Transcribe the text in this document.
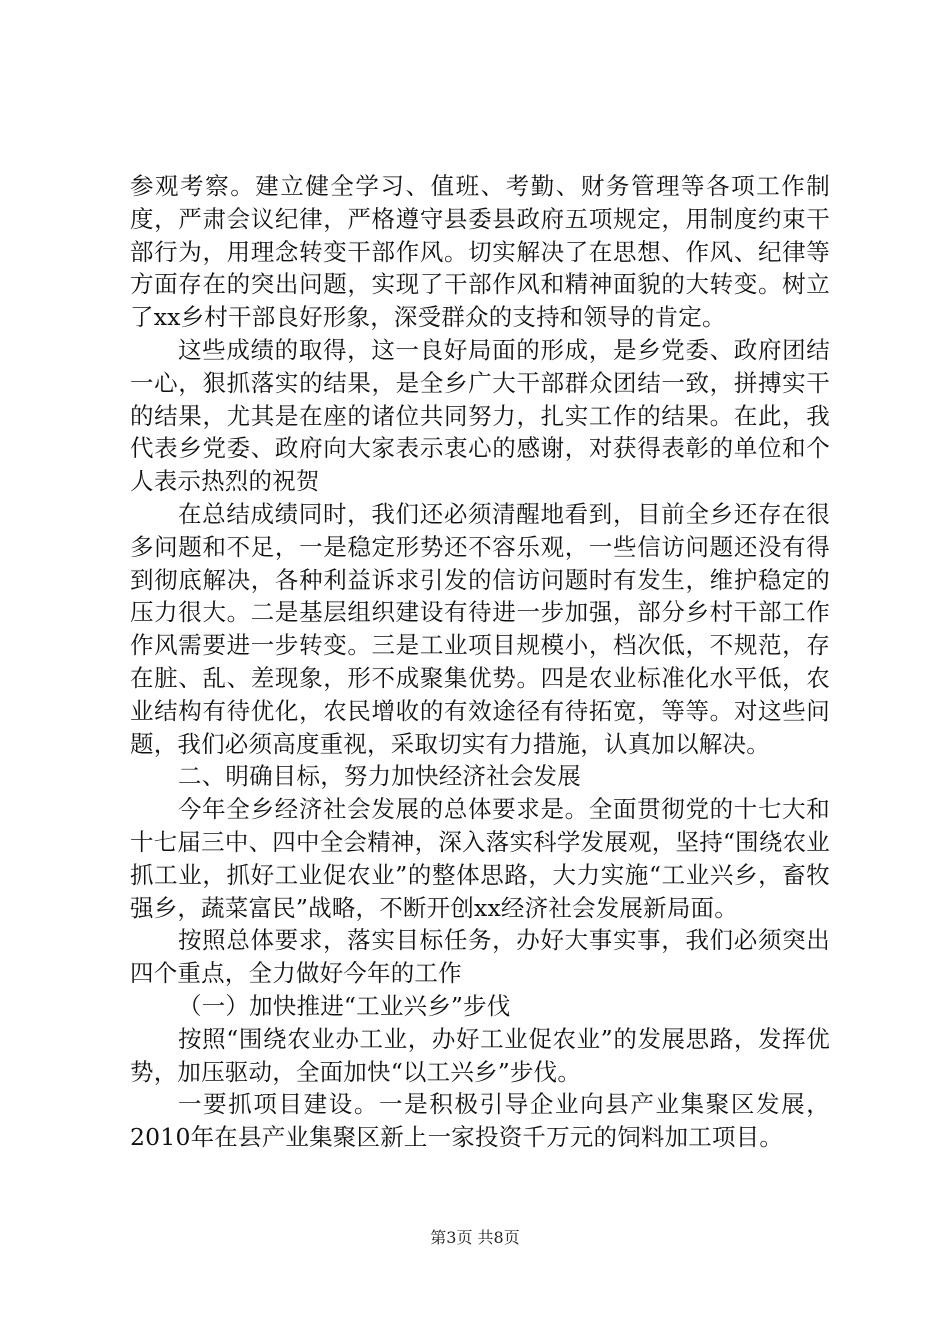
参观考察。建立健全学习、值班、考勤、财务管理等各项工作制度，严肃会议纪律，严格遵守县委县政府五项规定，用制度约束干部行为，用理念转变干部作风。切实解决了在思想、作风、纪律等方面存在的突出问题，实现了干部作风和精神面貌的大转变。树立了xx乡村干部良好形象，深受群众的支持和领导的肯定。

这些成绩的取得，这一良好局面的形成，是乡党委、政府团结一心，狠抓落实的结果，是全乡广大干部群众团结一致，拼搏实干的结果，尤其是在座的诸位共同努力，扎实工作的结果。在此，我代表乡党委、政府向大家表示衷心的感谢，对获得表彰的单位和个人表示热烈的祝贺

在总结成绩同时，我们还必须清醒地看到，目前全乡还存在很多问题和不足，一是稳定形势还不容乐观，一些信访问题还没有得到彻底解决，各种利益诉求引发的信访问题时有发生，维护稳定的压力很大。二是基层组织建设有待进一步加强，部分乡村干部工作作风需要进一步转变。三是工业项目规模小，档次低，不规范，存在脏、乱、差现象，形不成聚集优势。四是农业标准化水平低，农业结构有待优化，农民增收的有效途径有待拓宽，等等。对这些问题，我们必须高度重视，采取切实有力措施，认真加以解决。

二、明确目标，努力加快经济社会发展

今年全乡经济社会发展的总体要求是。全面贯彻党的十七大和十七届三中、四中全会精神，深入落实科学发展观，坚持“围绕农业抓工业，抓好工业促农业”的整体思路，大力实施“工业兴乡，畜牧强乡，蔬菜富民”战略，不断开创xx经济社会发展新局面。

按照总体要求，落实目标任务，办好大事实事，我们必须突出四个重点，全力做好今年的工作

（一）加快推进“工业兴乡”步伐

按照“围绕农业办工业，办好工业促农业”的发展思路，发挥优势，加压驱动，全面加快“以工兴乡”步伐。

一要抓项目建设。一是积极引导企业向县产业集聚区发展，2010年在县产业集聚区新上一家投资千万元的饲料加工项目。

第3页 共8页
